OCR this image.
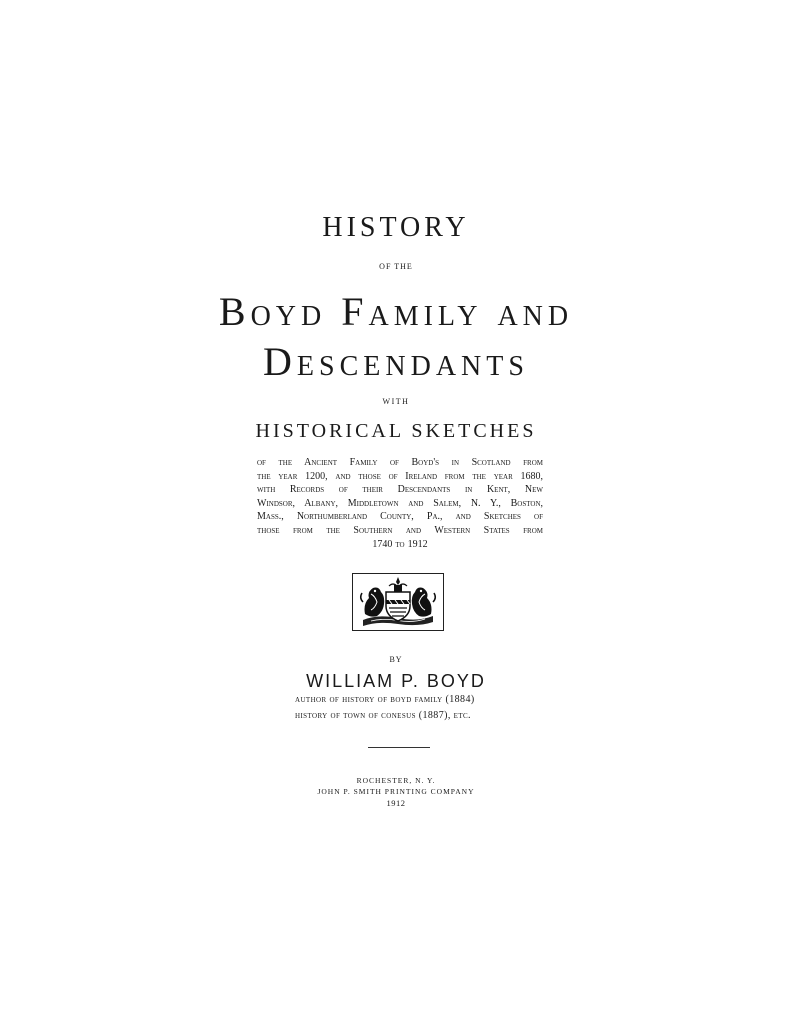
HISTORY
OF THE
Boyd Family and
Descendants
WITH
HISTORICAL SKETCHES
of the Ancient Family of Boyd's in Scotland from
the year 1200, and those of Ireland from the year 1680,
with Records of their Descendants in Kent, New
Windsor, Albany, Middletown and Salem, N. Y., Boston,
Mass., Northumberland County, Pa., and Sketches of
those from the Southern and Western States from
1740 to 1912
BY
WILLIAM P. BOYD
author of history of boyd family (1884)
history of town of conesus (1887), etc.
ROCHESTER, N. Y.
JOHN P. SMITH PRINTING COMPANY
1912
